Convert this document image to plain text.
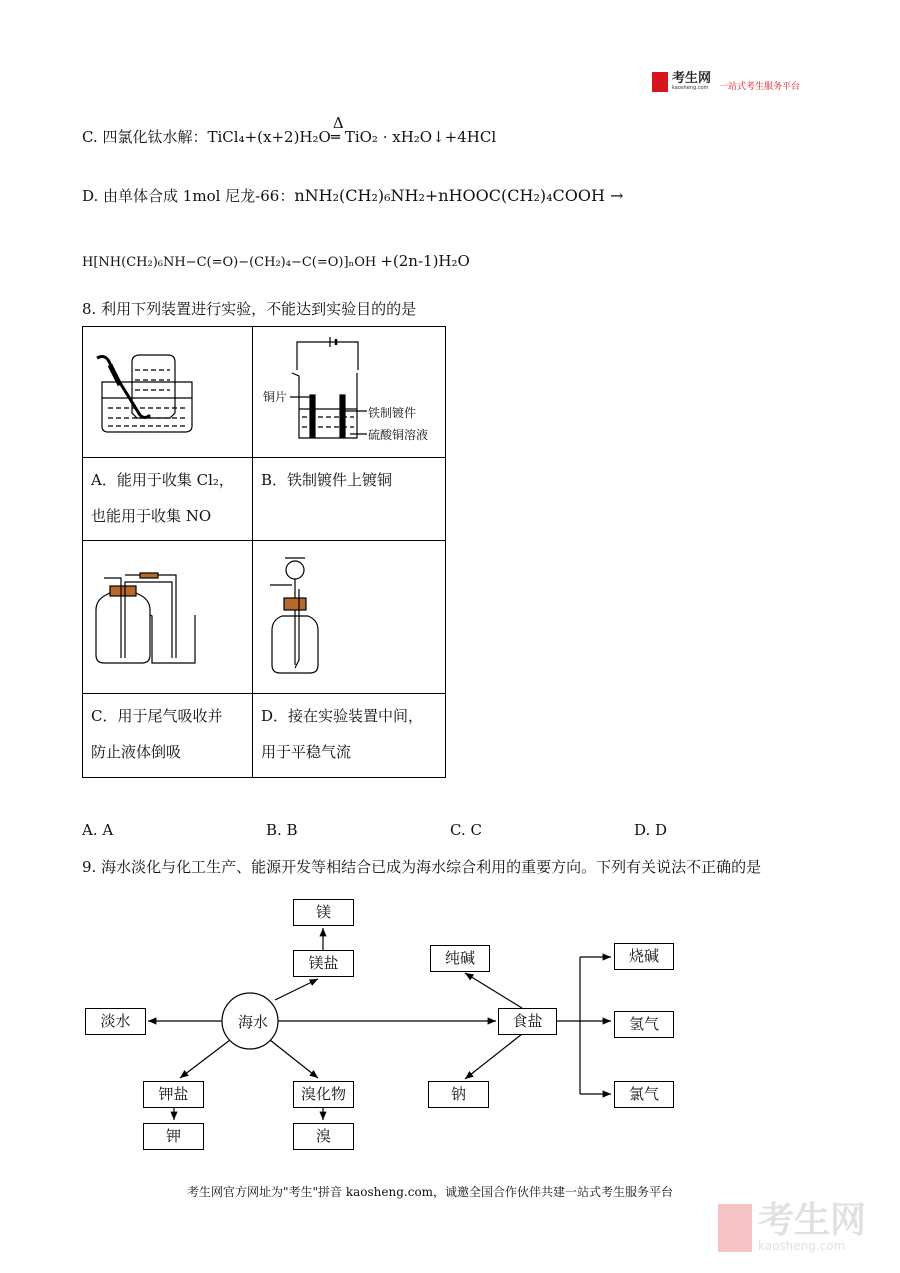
考生网
kaosheng.com 一站式考生服务平台
C. 四氯化钛水解：TiCl₄+(x+2)H₂O
Δ
═ TiO₂ · xH₂O↓+4HCl
D. 由单体合成 1mol 尼龙-66：nNH₂(CH₂)₆NH₂+nHOOC(CH₂)₄COOH →
H[NH(CH₂)₆NH−C(=O)−(CH₂)₄−C(=O)]ₙOH +(2n-1)H₂O
8. 利用下列装置进行实验，不能达到实验目的的是
A．能用于收集 Cl₂，
也能用于收集 NO
B．铁制镀件上镀铜
C．用于尾气吸收并
防止液体倒吸
D．接在实验装置中间，
用于平稳气流
铜片
铁制镀件
硫酸铜溶液
A. A	B. B	C. C	D. D
9. 海水淡化与化工生产、能源开发等相结合已成为海水综合利用的重要方向。下列有关说法不正确的是
海水
镁
镁盐
淡水
钾盐
钾
溴化物
溴
纯碱
食盐
钠
烧碱
氢气
氯气
考生网官方网址为"考生"拼音 kaosheng.com，诚邀全国合作伙伴共建一站式考生服务平台
考生网
kaosheng.com
